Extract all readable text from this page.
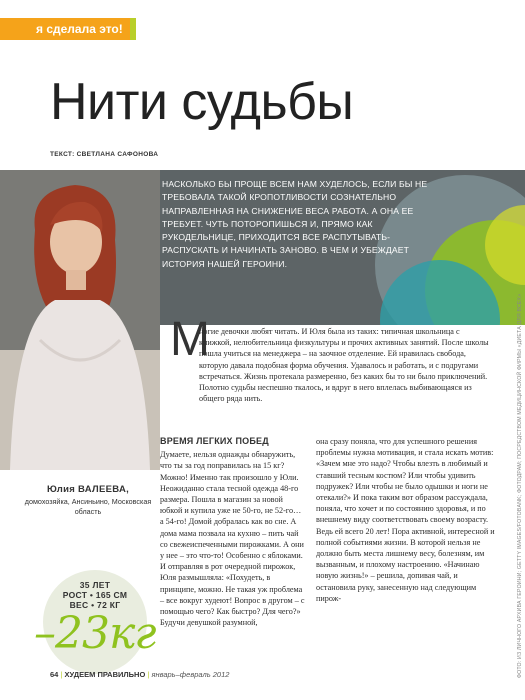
я сделала это!
Нити судьбы
ТЕКСТ: СВЕТЛАНА САФОНОВА

НАСКОЛЬКО БЫ ПРОЩЕ ВСЕМ НАМ ХУДЕЛОСЬ, ЕСЛИ БЫ НЕ ТРЕБОВАЛА ТАКОЙ КРОПОТЛИВОСТИ СОЗНАТЕЛЬНО НАПРАВЛЕННАЯ НА СНИЖЕНИЕ ВЕСА РАБОТА. А ОНА ЕЕ ТРЕБУЕТ. ЧУТЬ ПОТОРОПИШЬСЯ И, ПРЯМО КАК РУКОДЕЛЬНИЦЕ, ПРИХОДИТСЯ ВСЕ РАСПУТЫВАТЬ-РАСПУСКАТЬ И НАЧИНАТЬ ЗАНОВО. В ЧЕМ И УБЕЖДАЕТ ИСТОРИЯ НАШЕЙ ГЕРОИНИ.

М

ногие девочки любят читать. И Юля была из таких: типичная школьница с книжкой, нелюбительница физкультуры и прочих активных занятий. После школы пошла учиться на менеджера – на заочное отделение. Ей нравилась свобода, которую давала подобная форма обучения. Удавалось и работать, и с подругами встречаться. Жизнь протекала размеренно, без каких бы то ни было приключений. Полотно судьбы неспешно ткалось, и вдруг в него вплелась выбивающаяся из общего ряда нить.

ВРЕМЯ ЛЕГКИХ ПОБЕД

Думаете, нельзя однажды обнаружить, что ты за год поправилась на 15 кг? Можно! Именно так произошло у Юли. Неожиданно стала тесной одежда 48-го размера. Пошла в магазин за новой юбкой и купила уже не 50-го, не 52-го… а 54-го! Домой добралась как во сне. А дома мама позвала на кухню – пить чай со свежеиспеченными пирожками. А они у нее – это что-то! Особенно с яблоками. И отправляя в рот очередной пирожок, Юля размышляла: «Похудеть, в принципе, можно. Не такая уж проблема – все вокруг худеют! Вопрос в другом – с помощью чего? Как быстро? Для чего?» Будучи девушкой разумной,

она сразу поняла, что для успешного решения проблемы нужна мотивация, и стала искать мотив: «Зачем мне это надо? Чтобы влезть в любимый и ставший тесным костюм? Или чтобы удивить подружек? Или чтобы не было одышки и ноги не отекали?» И пока таким вот образом рассуждала, поняла, что хочет и по состоянию здоровья, и по внешнему виду соответствовать своему возрасту. Ведь ей всего 20 лет! Пора активной, интересной и полной событиями жизни. В которой нельзя не должно быть места лишнему весу, болезням, им вызванным, и плохому настроению. «Начинаю новую жизнь!» – решила, допивая чай, и остановила руку, занесенную над следующим пирож-

Юлия ВАЛЕЕВА,
домохозяйка, Ансиньино, Московская область
35 ЛЕТ
РОСТ • 165 СМ
ВЕС • 72 КГ
–23кг	ФОТО: ИЗ ЛИЧНОГО АРХИВА ГЕРОИНИ; GETTY IMAGES/FOTOBANK; ФОТОДРАМ; ПОСРЕДСТВОМ МЕДИЦИНСКОЙ ФИРМЫ «ДИЕТА ДЛЯ ВСЕХ»
64 | ХУДЕЕМ ПРАВИЛЬНО | январь–февраль 2012
